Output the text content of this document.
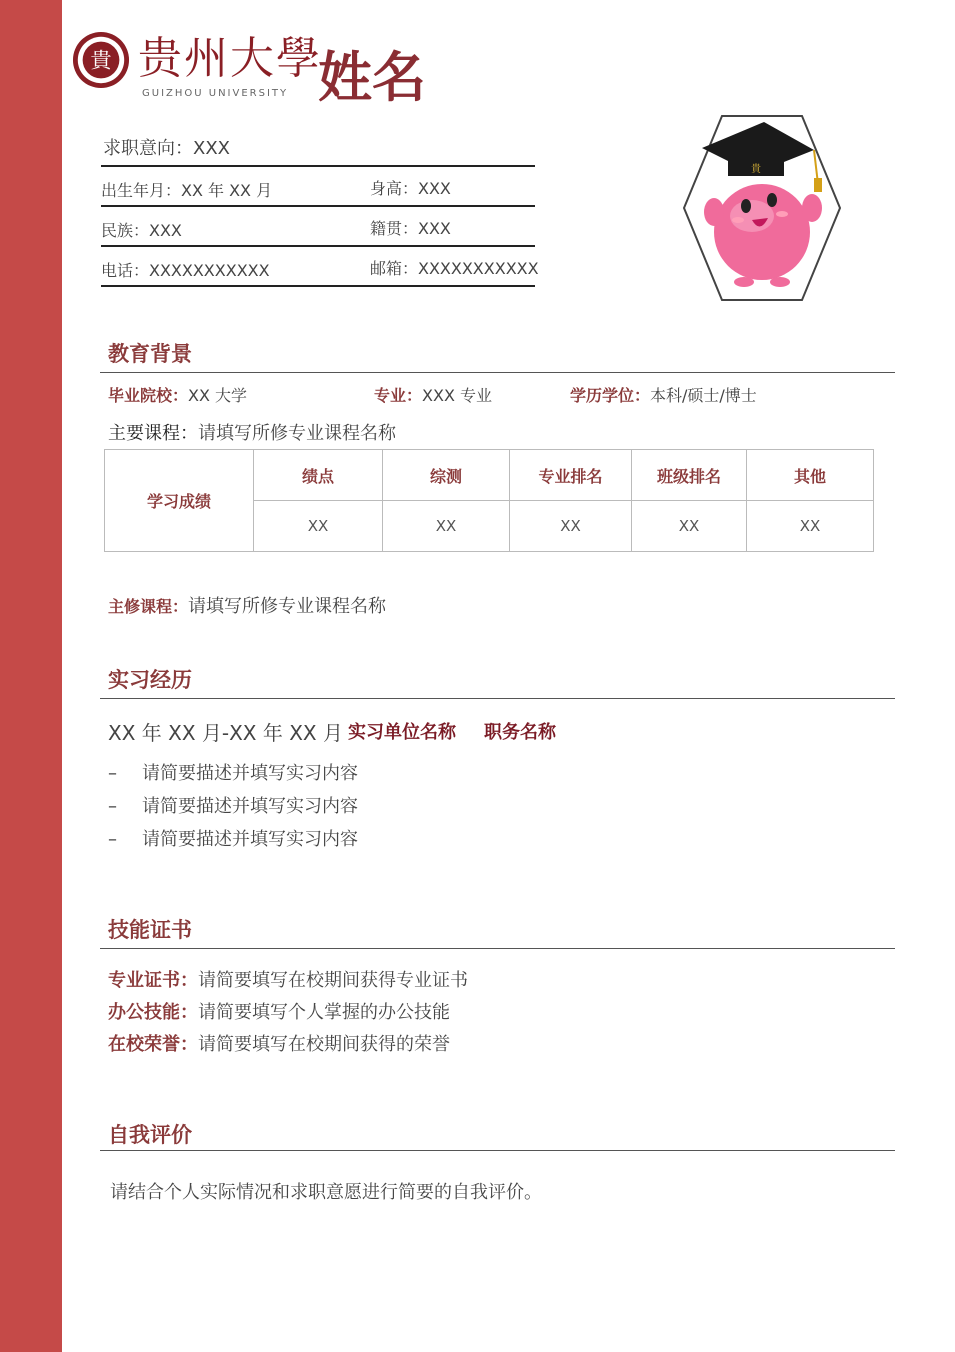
貴 贵州大學
GUIZHOU UNIVERSITY 姓名
求职意向：XXX
出生年月：XX 年 XX 月	身高：XXX
民族：XXX	籍贯：XXX
电话：XXXXXXXXXXX	邮箱：XXXXXXXXXXX
貴
教育背景
毕业院校：XX 大学	专业：XXX 专业	学历学位：本科/硕士/博士
主要课程：请填写所修专业课程名称
学习成绩	绩点	综测	专业排名	班级排名	其他
	XX	XX	XX	XX	XX
主修课程：请填写所修专业课程名称
实习经历
XX 年 XX 月-XX 年 XX 月 实习单位名称 职务名称
– 请简要描述并填写实习内容
– 请简要描述并填写实习内容
– 请简要描述并填写实习内容
技能证书
专业证书：请简要填写在校期间获得专业证书
办公技能：请简要填写个人掌握的办公技能
在校荣誉：请简要填写在校期间获得的荣誉
自我评价
请结合个人实际情况和求职意愿进行简要的自我评价。
